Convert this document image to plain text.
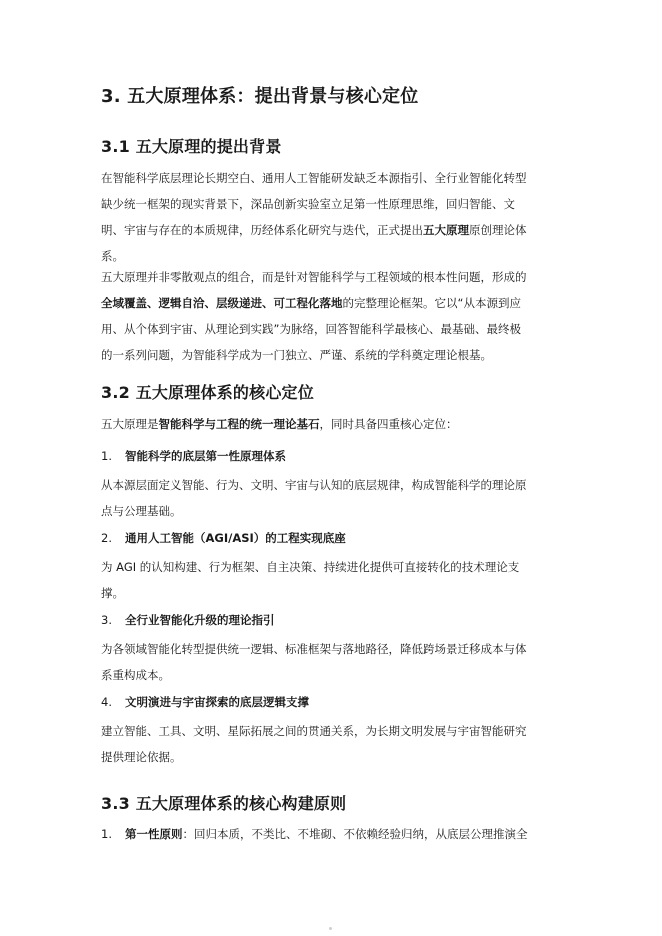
3. 五大原理体系：提出背景与核心定位
3.1 五大原理的提出背景
在智能科学底层理论长期空白、通用人工智能研发缺乏本源指引、全行业智能化转型
缺少统一框架的现实背景下，深品创新实验室立足第一性原理思维，回归智能、文
明、宇宙与存在的本质规律，历经体系化研究与迭代，正式提出五大原理原创理论体
系。
五大原理并非零散观点的组合，而是针对智能科学与工程领域的根本性问题，形成的
全域覆盖、逻辑自洽、层级递进、可工程化落地的完整理论框架。它以“从本源到应
用、从个体到宇宙、从理论到实践”为脉络，回答智能科学最核心、最基础、最终极
的一系列问题，为智能科学成为一门独立、严谨、系统的学科奠定理论根基。
3.2 五大原理体系的核心定位
五大原理是智能科学与工程的统一理论基石，同时具备四重核心定位：
1. 智能科学的底层第一性原理体系
从本源层面定义智能、行为、文明、宇宙与认知的底层规律，构成智能科学的理论原
点与公理基础。
2. 通用人工智能（AGI/ASI）的工程实现底座
为 AGI 的认知构建、行为框架、自主决策、持续进化提供可直接转化的技术理论支
撑。
3. 全行业智能化升级的理论指引
为各领域智能化转型提供统一逻辑、标准框架与落地路径，降低跨场景迁移成本与体
系重构成本。
4. 文明演进与宇宙探索的底层逻辑支撑
建立智能、工具、文明、星际拓展之间的贯通关系，为长期文明发展与宇宙智能研究
提供理论依据。
3.3 五大原理体系的核心构建原则
1. 第一性原则：回归本质，不类比、不堆砌、不依赖经验归纳，从底层公理推演全
